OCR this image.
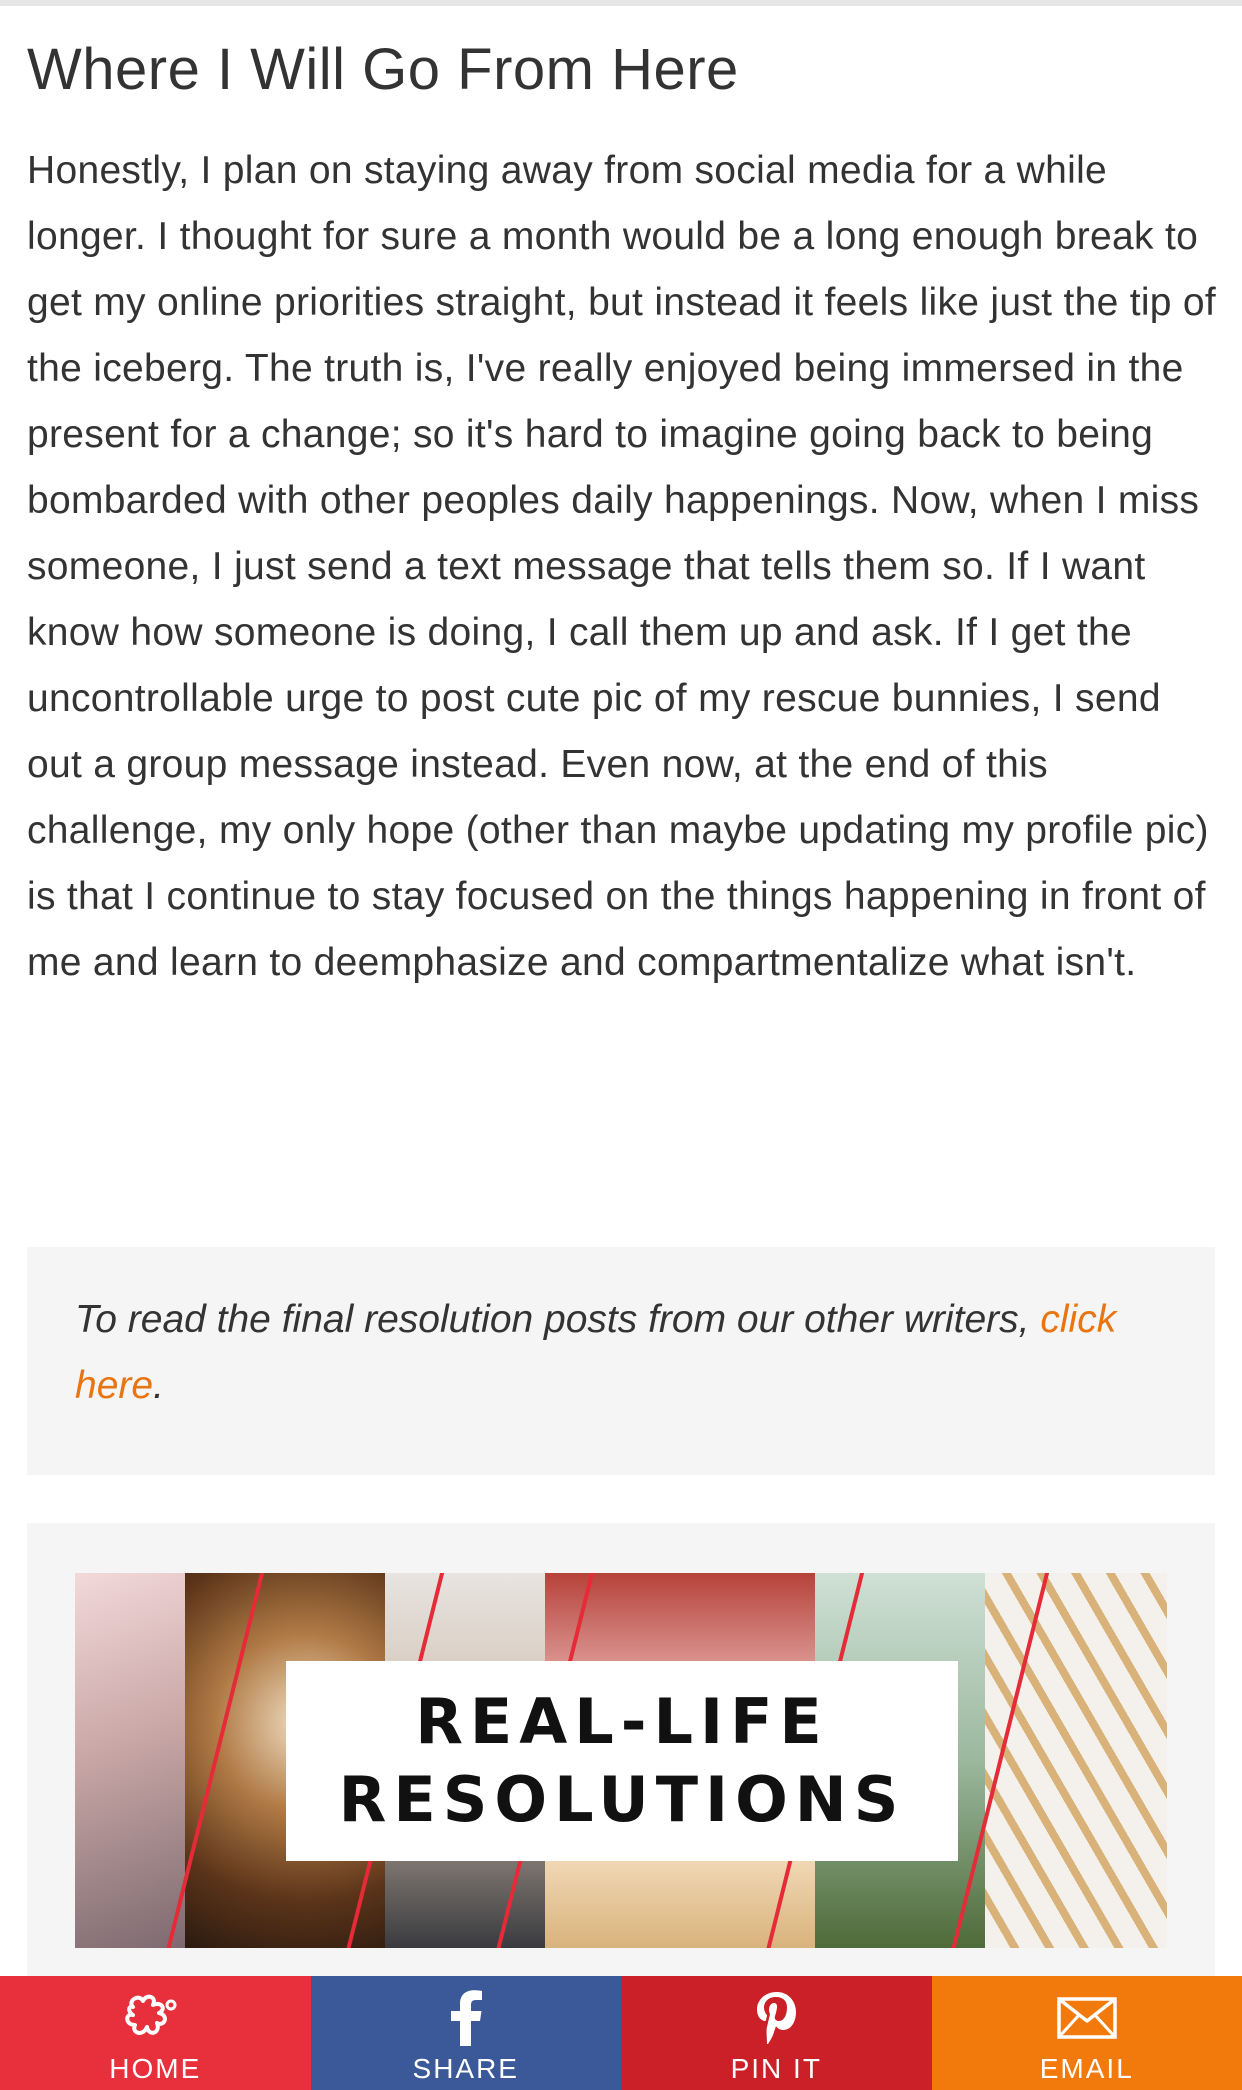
Where I Will Go From Here

Honestly, I plan on staying away from social media for a while longer. I thought for sure a month would be a long enough break to get my online priorities straight, but instead it feels like just the tip of the iceberg. The truth is, I've really enjoyed being immersed in the present for a change; so it's hard to imagine going back to being bombarded with other peoples daily happenings. Now, when I miss someone, I just send a text message that tells them so. If I want know how someone is doing, I call them up and ask. If I get the uncontrollable urge to post cute pic of my rescue bunnies, I send out a group message instead. Even now, at the end of this challenge, my only hope (other than maybe updating my profile pic) is that I continue to stay focused on the things happening in front of me and learn to deemphasize and compartmentalize what isn't.

To read the final resolution posts from our other writers, click here.

REAL-LIFE
RESOLUTIONS
HOME	SHARE	PIN IT	EMAIL
